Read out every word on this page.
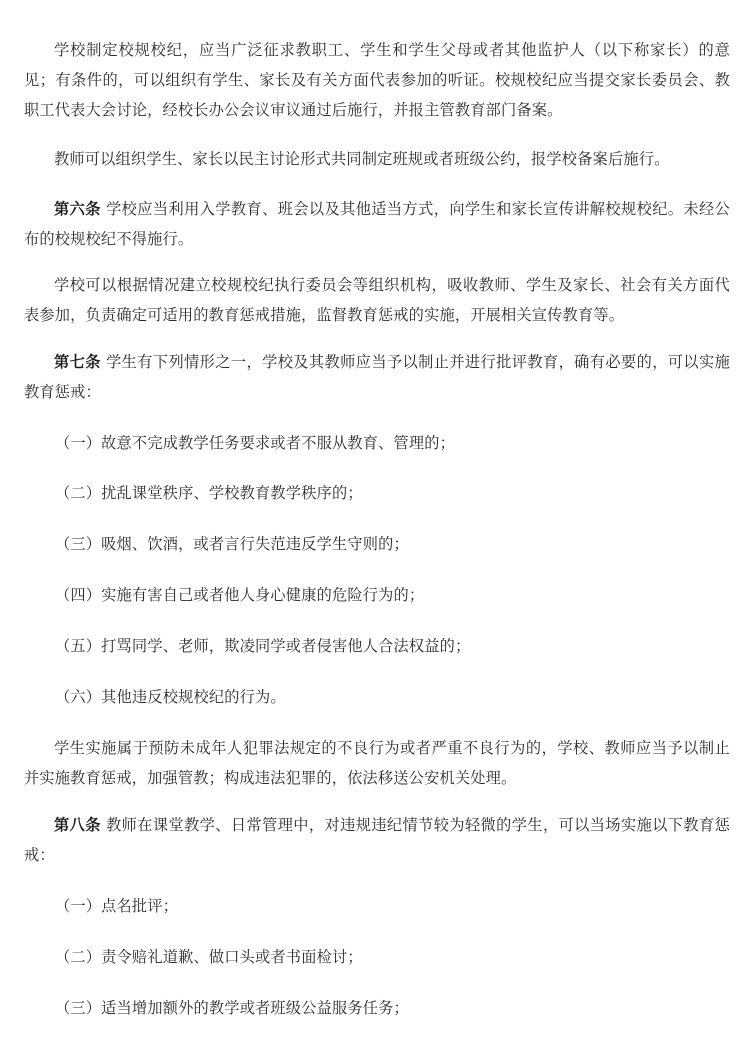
学校制定校规校纪，应当广泛征求教职工、学生和学生父母或者其他监护人（以下称家长）的意见；有条件的，可以组织有学生、家长及有关方面代表参加的听证。校规校纪应当提交家长委员会、教职工代表大会讨论，经校长办公会议审议通过后施行，并报主管教育部门备案。

教师可以组织学生、家长以民主讨论形式共同制定班规或者班级公约，报学校备案后施行。

第六条 学校应当利用入学教育、班会以及其他适当方式，向学生和家长宣传讲解校规校纪。未经公布的校规校纪不得施行。

学校可以根据情况建立校规校纪执行委员会等组织机构，吸收教师、学生及家长、社会有关方面代表参加，负责确定可适用的教育惩戒措施，监督教育惩戒的实施，开展相关宣传教育等。

第七条 学生有下列情形之一，学校及其教师应当予以制止并进行批评教育，确有必要的，可以实施教育惩戒：

（一）故意不完成教学任务要求或者不服从教育、管理的；

（二）扰乱课堂秩序、学校教育教学秩序的；

（三）吸烟、饮酒，或者言行失范违反学生守则的；

（四）实施有害自己或者他人身心健康的危险行为的；

（五）打骂同学、老师，欺凌同学或者侵害他人合法权益的；

（六）其他违反校规校纪的行为。

学生实施属于预防未成年人犯罪法规定的不良行为或者严重不良行为的，学校、教师应当予以制止并实施教育惩戒，加强管教；构成违法犯罪的，依法移送公安机关处理。

第八条 教师在课堂教学、日常管理中，对违规违纪情节较为轻微的学生，可以当场实施以下教育惩戒：

（一）点名批评；

（二）责令赔礼道歉、做口头或者书面检讨；

（三）适当增加额外的教学或者班级公益服务任务；
